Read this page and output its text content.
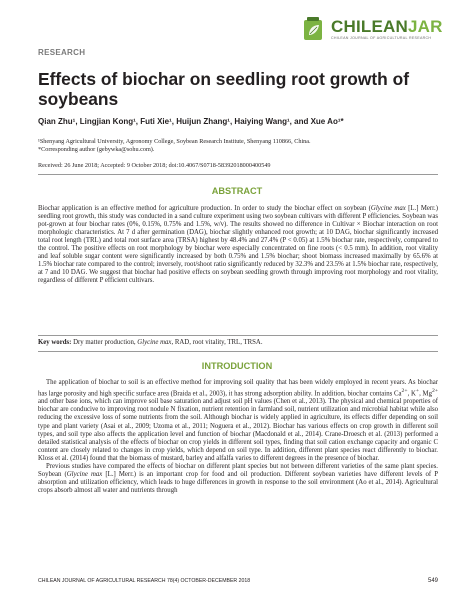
CHILEANJAR
CHILEAN JOURNAL OF AGRICULTURAL RESEARCH
RESEARCH
Effects of biochar on seedling root growth of soybeans
Qian Zhu¹, Lingjian Kong¹, Futi Xie¹, Huijun Zhang¹, Haiying Wang¹, and Xue Ao¹*
¹Shenyang Agricultural University, Agronomy College, Soybean Research Institute, Shenyang 110866, China.
*Corresponding author (gebywka@sohu.com).
Received: 26 June 2018; Accepted: 9 October 2018; doi:10.4067/S0718-58392018000400549
ABSTRACT
Biochar application is an effective method for agriculture production. In order to study the biochar effect on soybean (Glycine max [L.] Merr.) seedling root growth, this study was conducted in a sand culture experiment using two soybean cultivars with different P efficiencies. Soybean was pot-grown at four biochar rates (0%, 0.15%, 0.75% and 1.5%, w/v). The results showed no difference in Cultivar × Biochar interaction on root morphologic characteristics. At 7 d after germination (DAG), biochar slightly enhanced root growth; at 10 DAG, biochar significantly increased total root length (TRL) and total root surface area (TRSA) highest by 48.4% and 27.4% (P < 0.05) at 1.5% biochar rate, respectively, compared to the control. The positive effects on root morphology by biochar were especially concentrated on fine roots (< 0.5 mm). In addition, root vitality and leaf soluble sugar content were significantly increased by both 0.75% and 1.5% biochar; shoot biomass increased maximally by 65.6% at 1.5% biochar rate compared to the control; inversely, root/shoot ratio significantly reduced by 32.3% and 23.5% at 1.5% biochar rate, respectively, at 7 and 10 DAG. We suggest that biochar had positive effects on soybean seedling growth through improving root morphology and root vitality, regardless of different P efficient cultivars.
Key words: Dry matter production, Glycine max, RAD, root vitality, TRL, TRSA.
INTRODUCTION

The application of biochar to soil is an effective method for improving soil quality that has been widely employed in recent years. As biochar has large porosity and high specific surface area (Braida et al., 2003), it has strong adsorption ability. In addition, biochar contains $Ca^{2+}$, K+, $Mg^{2+}$ and other base ions, which can improve soil base saturation and adjust soil pH values (Chen et al., 2013). The physical and chemical properties of biochar are conducive to improving root nodule N fixation, nutrient retention in farmland soil, nutrient utilization and microbial habitat while also reducing the excessive loss of some nutrients from the soil. Although biochar is widely applied in agriculture, its effects differ depending on soil type and plant variety (Asai et al., 2009; Uzoma et al., 2011; Noguera et al., 2012). Biochar has various effects on crop growth in different soil types, and soil type also affects the application level and function of biochar (Macdonald et al., 2014). Crane-Droesch et al. (2013) performed a detailed statistical analysis of the effects of biochar on crop yields in different soil types, finding that soil cation exchange capacity and organic C content are closely related to changes in crop yields, which depend on soil type. In addition, different plant species react differently to biochar. Kloss et al. (2014) found that the biomass of mustard, barley and alfalfa varies to different degrees in the presence of biochar.

Previous studies have compared the effects of biochar on different plant species but not between different varieties of the same plant species. Soybean (Glycine max [L.] Merr.) is an important crop for food and oil production. Different soybean varieties have different levels of P absorption and utilization efficiency, which leads to huge differences in growth in response to the soil environment (Ao et al., 2014). Agricultural crops absorb almost all water and nutrients through

CHILEAN JOURNAL OF AGRICULTURAL RESEARCH 78(4) OCTOBER-DECEMBER 2018	549
